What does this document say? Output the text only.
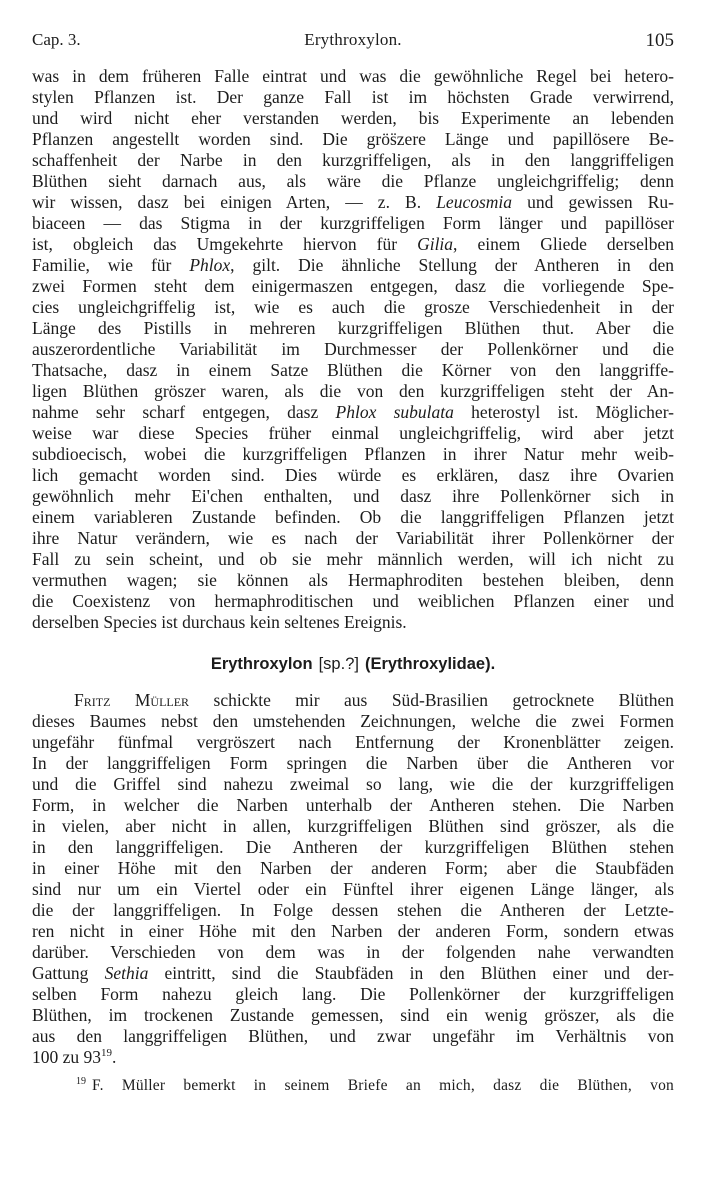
Cap. 3.	Erythroxylon.	105
was in dem früheren Falle eintrat und was die gewöhnliche Regel bei hetero-
stylen Pflanzen ist. Der ganze Fall ist im höchsten Grade verwirrend,
und wird nicht eher verstanden werden, bis Experimente an lebenden
Pflanzen angestellt worden sind. Die grös̈zere Länge und papillösere Be-
schaffenheit der Narbe in den kurzgriffeligen, als in den langgriffeligen
Blüthen sieht darnach aus, als wäre die Pflanze ungleichgriffelig; denn
wir wissen, dasz bei einigen Arten, — z. B. Leucosmia und gewissen Ru-
biaceen — das Stigma in der kurzgriffeligen Form länger und papillöser
ist, obgleich das Umgekehrte hiervon für Gilia, einem Gliede derselben
Familie, wie für Phlox, gilt. Die ähnliche Stellung der Antheren in den
zwei Formen steht dem einigermaszen entgegen, dasz die vorliegende Spe-
cies ungleichgriffelig ist, wie es auch die grosze Verschiedenheit in der
Länge des Pistills in mehreren kurzgriffeligen Blüthen thut. Aber die
auszerordentliche Variabilität im Durchmesser der Pollenkörner und die
Thatsache, dasz in einem Satze Blüthen die Körner von den langgriffe-
ligen Blüthen gröszer waren, als die von den kurzgriffeligen steht der An-
nahme sehr scharf entgegen, dasz Phlox subulata heterostyl ist. Möglicher-
weise war diese Species früher einmal ungleichgriffelig, wird aber jetzt
subdioecisch, wobei die kurzgriffeligen Pflanzen in ihrer Natur mehr weib-
lich gemacht worden sind. Dies würde es erklären, dasz ihre Ovarien
gewöhnlich mehr Ei'chen enthalten, und dasz ihre Pollenkörner sich in
einem variableren Zustande befinden. Ob die langgriffeligen Pflanzen jetzt
ihre Natur verändern, wie es nach der Variabilität ihrer Pollenkörner der
Fall zu sein scheint, und ob sie mehr männlich werden, will ich nicht zu
vermuthen wagen; sie können als Hermaphroditen bestehen bleiben, denn
die Coexistenz von hermaphroditischen und weiblichen Pflanzen einer und
derselben Species ist durchaus kein seltenes Ereignis.
Erythroxylon [sp.?] (Erythroxylidae).
Fritz Müller schickte mir aus Süd-Brasilien getrocknete Blüthen
dieses Baumes nebst den umstehenden Zeichnungen, welche die zwei Formen
ungefähr fünfmal vergröszert nach Entfernung der Kronenblätter zeigen.
In der langgriffeligen Form springen die Narben über die Antheren vor
und die Griffel sind nahezu zweimal so lang, wie die der kurzgriffeligen
Form, in welcher die Narben unterhalb der Antheren stehen. Die Narben
in vielen, aber nicht in allen, kurzgriffeligen Blüthen sind gröszer, als die
in den langgriffeligen. Die Antheren der kurzgriffeligen Blüthen stehen
in einer Höhe mit den Narben der anderen Form; aber die Staubfäden
sind nur um ein Viertel oder ein Fünftel ihrer eigenen Länge länger, als
die der langgriffeligen. In Folge dessen stehen die Antheren der Letzte-
ren nicht in einer Höhe mit den Narben der anderen Form, sondern etwas
darüber. Verschieden von dem was in der folgenden nahe verwandten
Gattung Sethia eintritt, sind die Staubfäden in den Blüthen einer und der-
selben Form nahezu gleich lang. Die Pollenkörner der kurzgriffeligen
Blüthen, im trockenen Zustande gemessen, sind ein wenig gröszer, als die
aus den langgriffeligen Blüthen, und zwar ungefähr im Verhältnis von
100 zu 93$^{19}$.
19 F. Müller bemerkt in seinem Briefe an mich, dasz die Blüthen, von
